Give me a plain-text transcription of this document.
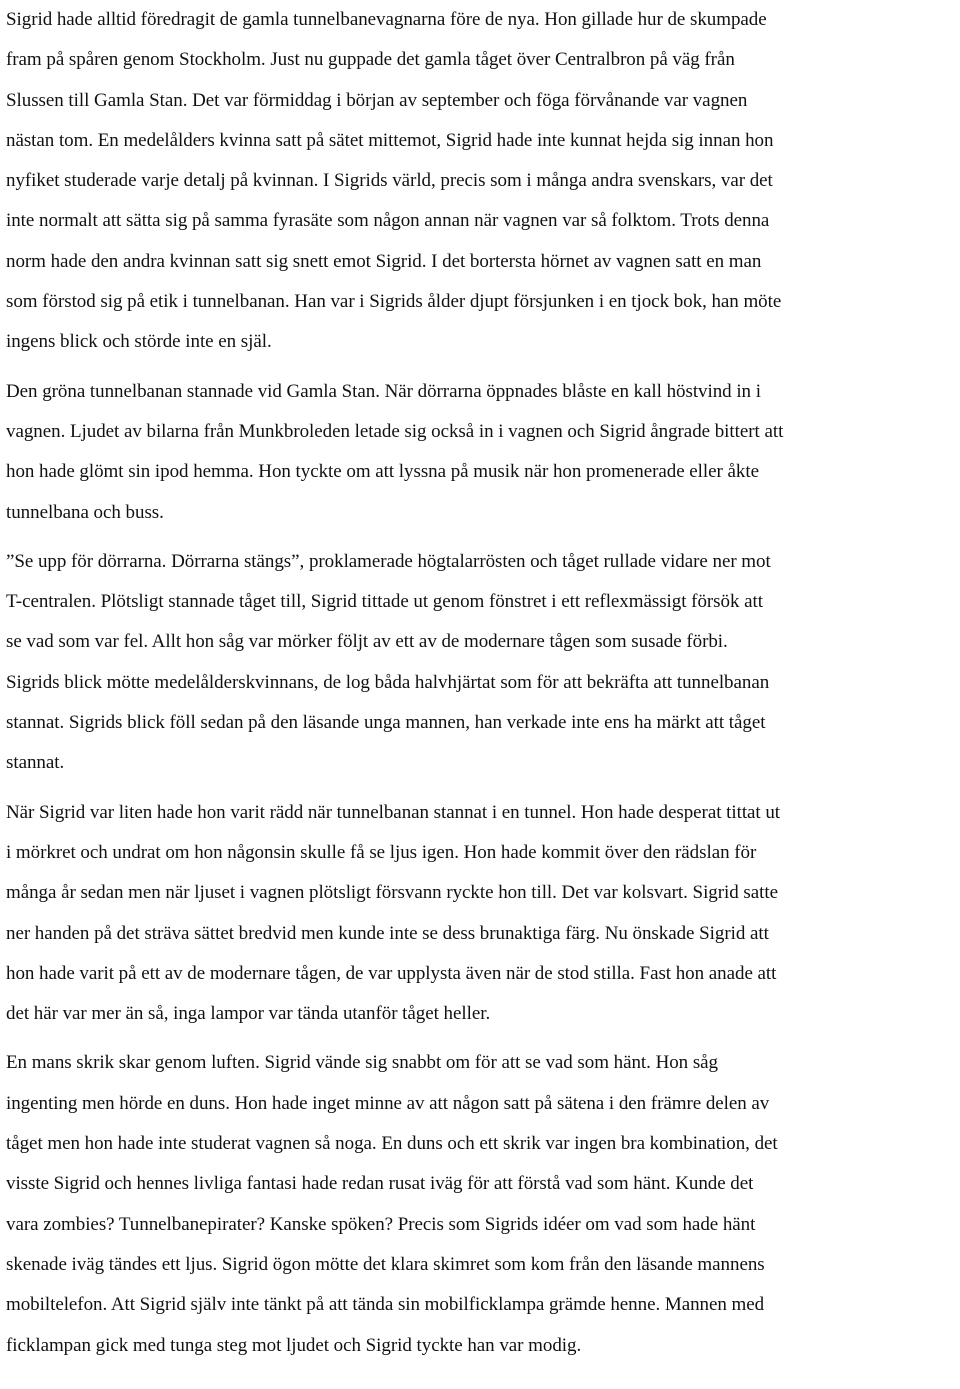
Sigrid hade alltid föredragit de gamla tunnelbanevagnarna före de nya. Hon gillade hur de skumpade
fram på spåren genom Stockholm. Just nu guppade det gamla tåget över Centralbron på väg från
Slussen till Gamla Stan. Det var förmiddag i början av september och föga förvånande var vagnen
nästan tom. En medelålders kvinna satt på sätet mittemot, Sigrid hade inte kunnat hejda sig innan hon
nyfiket studerade varje detalj på kvinnan. I Sigrids värld, precis som i många andra svenskars, var det
inte normalt att sätta sig på samma fyrasäte som någon annan när vagnen var så folktom. Trots denna
norm hade den andra kvinnan satt sig snett emot Sigrid. I det bortersta hörnet av vagnen satt en man
som förstod sig på etik i tunnelbanan. Han var i Sigrids ålder djupt försjunken i en tjock bok, han möte
ingens blick och störde inte en själ.

Den gröna tunnelbanan stannade vid Gamla Stan. När dörrarna öppnades blåste en kall höstvind in i
vagnen. Ljudet av bilarna från Munkbroleden letade sig också in i vagnen och Sigrid ångrade bittert att
hon hade glömt sin ipod hemma. Hon tyckte om att lyssna på musik när hon promenerade eller åkte
tunnelbana och buss.

”Se upp för dörrarna. Dörrarna stängs”, proklamerade högtalarrösten och tåget rullade vidare ner mot
T-centralen. Plötsligt stannade tåget till, Sigrid tittade ut genom fönstret i ett reflexmässigt försök att
se vad som var fel. Allt hon såg var mörker följt av ett av de modernare tågen som susade förbi.
Sigrids blick mötte medelålderskvinnans, de log båda halvhjärtat som för att bekräfta att tunnelbanan
stannat. Sigrids blick föll sedan på den läsande unga mannen, han verkade inte ens ha märkt att tåget
stannat.

När Sigrid var liten hade hon varit rädd när tunnelbanan stannat i en tunnel. Hon hade desperat tittat ut
i mörkret och undrat om hon någonsin skulle få se ljus igen. Hon hade kommit över den rädslan för
många år sedan men när ljuset i vagnen plötsligt försvann ryckte hon till. Det var kolsvart. Sigrid satte
ner handen på det sträva sättet bredvid men kunde inte se dess brunaktiga färg. Nu önskade Sigrid att
hon hade varit på ett av de modernare tågen, de var upplysta även när de stod stilla. Fast hon anade att
det här var mer än så, inga lampor var tända utanför tåget heller.

En mans skrik skar genom luften. Sigrid vände sig snabbt om för att se vad som hänt. Hon såg
ingenting men hörde en duns. Hon hade inget minne av att någon satt på sätena i den främre delen av
tåget men hon hade inte studerat vagnen så noga. En duns och ett skrik var ingen bra kombination, det
visste Sigrid och hennes livliga fantasi hade redan rusat iväg för att förstå vad som hänt. Kunde det
vara zombies? Tunnelbanepirater? Kanske spöken? Precis som Sigrids idéer om vad som hade hänt
skenade iväg tändes ett ljus. Sigrid ögon mötte det klara skimret som kom från den läsande mannens
mobiltelefon. Att Sigrid själv inte tänkt på att tända sin mobilficklampa grämde henne. Mannen med
ficklampan gick med tunga steg mot ljudet och Sigrid tyckte han var modig.
